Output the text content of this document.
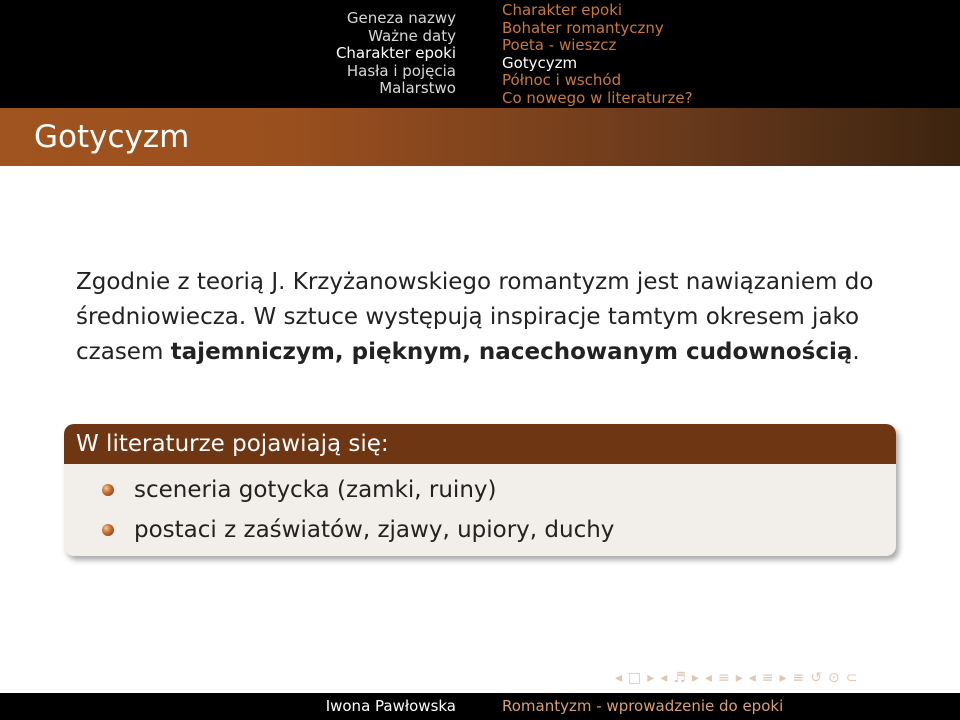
Geneza nazwy
Ważne daty
Charakter epoki
Hasła i pojęcia
Malarstwo
Charakter epoki
Bohater romantyczny
Poeta - wieszcz
Gotycyzm
Północ i wschód
Co nowego w literaturze?
Gotycyzm
Zgodnie z teorią J. Krzyżanowskiego romantyzm jest nawiązaniem do średniowiecza. W sztuce występują inspiracje tamtym okresem jako czasem tajemniczym, pięknym, nacechowanym cudownością.
W literaturze pojawiają się:
sceneria gotycka (zamki, ruiny)
postaci z zaświatów, zjawy, upiory, duchy
◂ □ ▸ ◂ ♬ ▸ ◂ ≡ ▸ ◂ ≡ ▸ ≡ ↺ ⊙ ⊂
Iwona Pawłowska	Romantyzm - wprowadzenie do epoki
